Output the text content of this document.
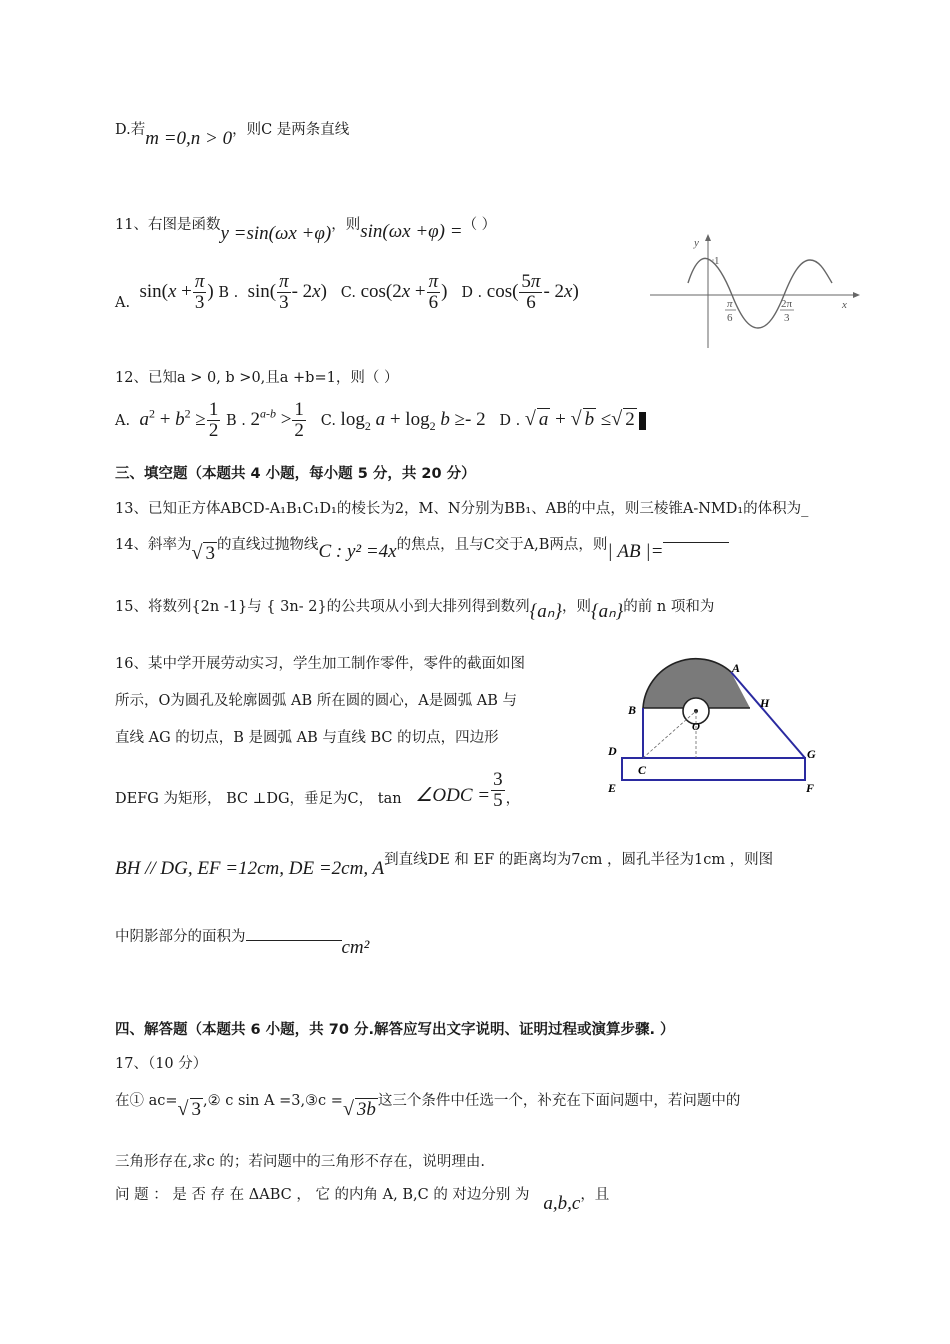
D.若m =0,n > 0，则C 是两条直线
11、右图是函数y =sin(ωx +φ)，则sin(ωx +φ) =（ ）
A.  $\sin(x + \frac{\pi}{3}$ ) B .  $\sin( \frac{\pi}{3} - 2x)$ C. $\cos(2x + \frac{\pi}{6}$ ) D . $\cos( \frac{5\pi}{6} - 2x)$
y
x
1
π
6
2π
3
12、已知a > 0, b >0,且a +b=1，则（ ）
A. $a^2 + b^2 \ge \frac{1}{2}$ B . $2^{a-b} > \frac{1}{2} C$. $\log_2 a + \log_2 b \ge- 2$ D . √ a + √ b ≤√ 2
三、填空题（本题共 4 小题，每小题 5 分，共 20 分）
13、已知正方体ABCD-A₁B₁C₁D₁的棱长为2，M、N分别为BB₁、AB的中点，则三棱锥A-NMD₁的体积为_
14、斜率为√ 3 的直线过抛物线C : y² =4x的焦点，且与C交于A,B两点，则| AB |=
15、将数列{2n -1}与 { 3n- 2}的公共项从小到大排列得到数列{aₙ}，则{aₙ}的前 n 项和为
16、某中学开展劳动实习，学生加工制作零件，零件的截面如图
所示，O为圆孔及轮廓圆弧 AB 所在圆的圆心，A是圆弧 AB 与
直线 AG 的切点，B 是圆弧 AB 与直线 BC 的切点，四边形
DEFG 为矩形， BC ⊥DG，垂足为C， tan ∠ODC = $\frac{3}{5}$ ，
BH // DG, EF =12cm, DE =2cm, A到直线DE 和 EF 的距离均为7cm ，圆孔半径为1cm ，则图
中阴影部分的面积为	cm²
A
B	H
O
D	G
C
E	F
四、解答题（本题共 6 小题，共 70 分.解答应写出文字说明、证明过程或演算步骤. ）
17、（10 分）
在① ac=√ 3 ,② c sin A =3,③c =√ 3b 这三个条件中任选一个，补充在下面问题中，若问题中的
三角形存在,求c 的；若问题中的三角形不存在，说明理由.
问 题 ： 是 否 存 在 ΔABC ， 它 的内角 A, B,C 的 对边分别 为 a,b,c，且
